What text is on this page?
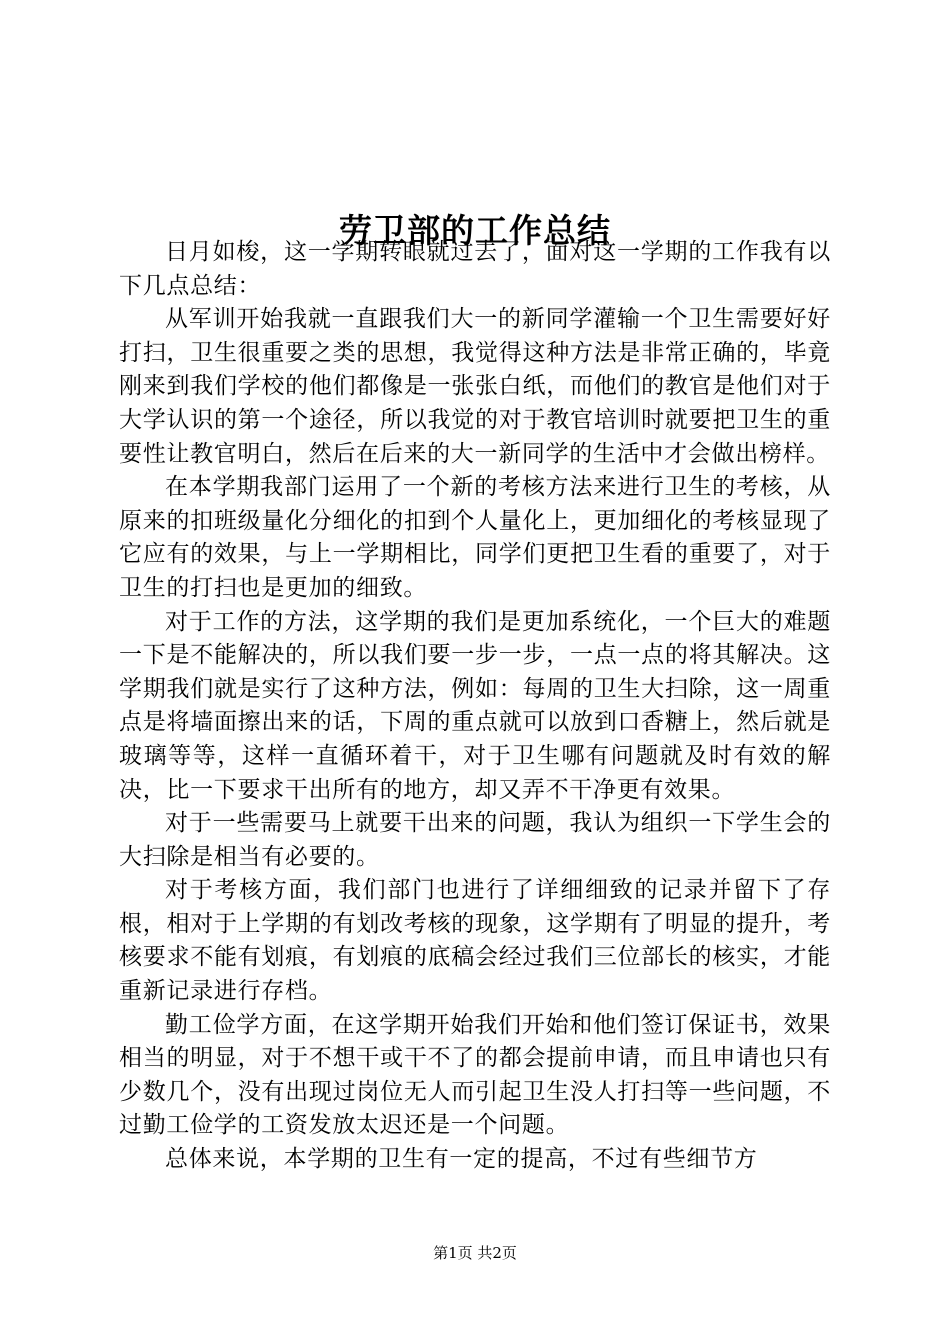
劳卫部的工作总结

日月如梭，这一学期转眼就过去了，面对这一学期的工作我有以下几点总结：

从军训开始我就一直跟我们大一的新同学灌输一个卫生需要好好打扫，卫生很重要之类的思想，我觉得这种方法是非常正确的，毕竟刚来到我们学校的他们都像是一张张白纸，而他们的教官是他们对于大学认识的第一个途径，所以我觉的对于教官培训时就要把卫生的重要性让教官明白，然后在后来的大一新同学的生活中才会做出榜样。

在本学期我部门运用了一个新的考核方法来进行卫生的考核，从原来的扣班级量化分细化的扣到个人量化上，更加细化的考核显现了它应有的效果，与上一学期相比，同学们更把卫生看的重要了，对于卫生的打扫也是更加的细致。

对于工作的方法，这学期的我们是更加系统化，一个巨大的难题一下是不能解决的，所以我们要一步一步，一点一点的将其解决。这学期我们就是实行了这种方法，例如：每周的卫生大扫除，这一周重点是将墙面擦出来的话，下周的重点就可以放到口香糖上，然后就是玻璃等等，这样一直循环着干，对于卫生哪有问题就及时有效的解决，比一下要求干出所有的地方，却又弄不干净更有效果。

对于一些需要马上就要干出来的问题，我认为组织一下学生会的大扫除是相当有必要的。

对于考核方面，我们部门也进行了详细细致的记录并留下了存根，相对于上学期的有划改考核的现象，这学期有了明显的提升，考核要求不能有划痕，有划痕的底稿会经过我们三位部长的核实，才能重新记录进行存档。

勤工俭学方面，在这学期开始我们开始和他们签订保证书，效果相当的明显，对于不想干或干不了的都会提前申请，而且申请也只有少数几个，没有出现过岗位无人而引起卫生没人打扫等一些问题，不过勤工俭学的工资发放太迟还是一个问题。

总体来说，本学期的卫生有一定的提高，不过有些细节方

第1页 共2页
